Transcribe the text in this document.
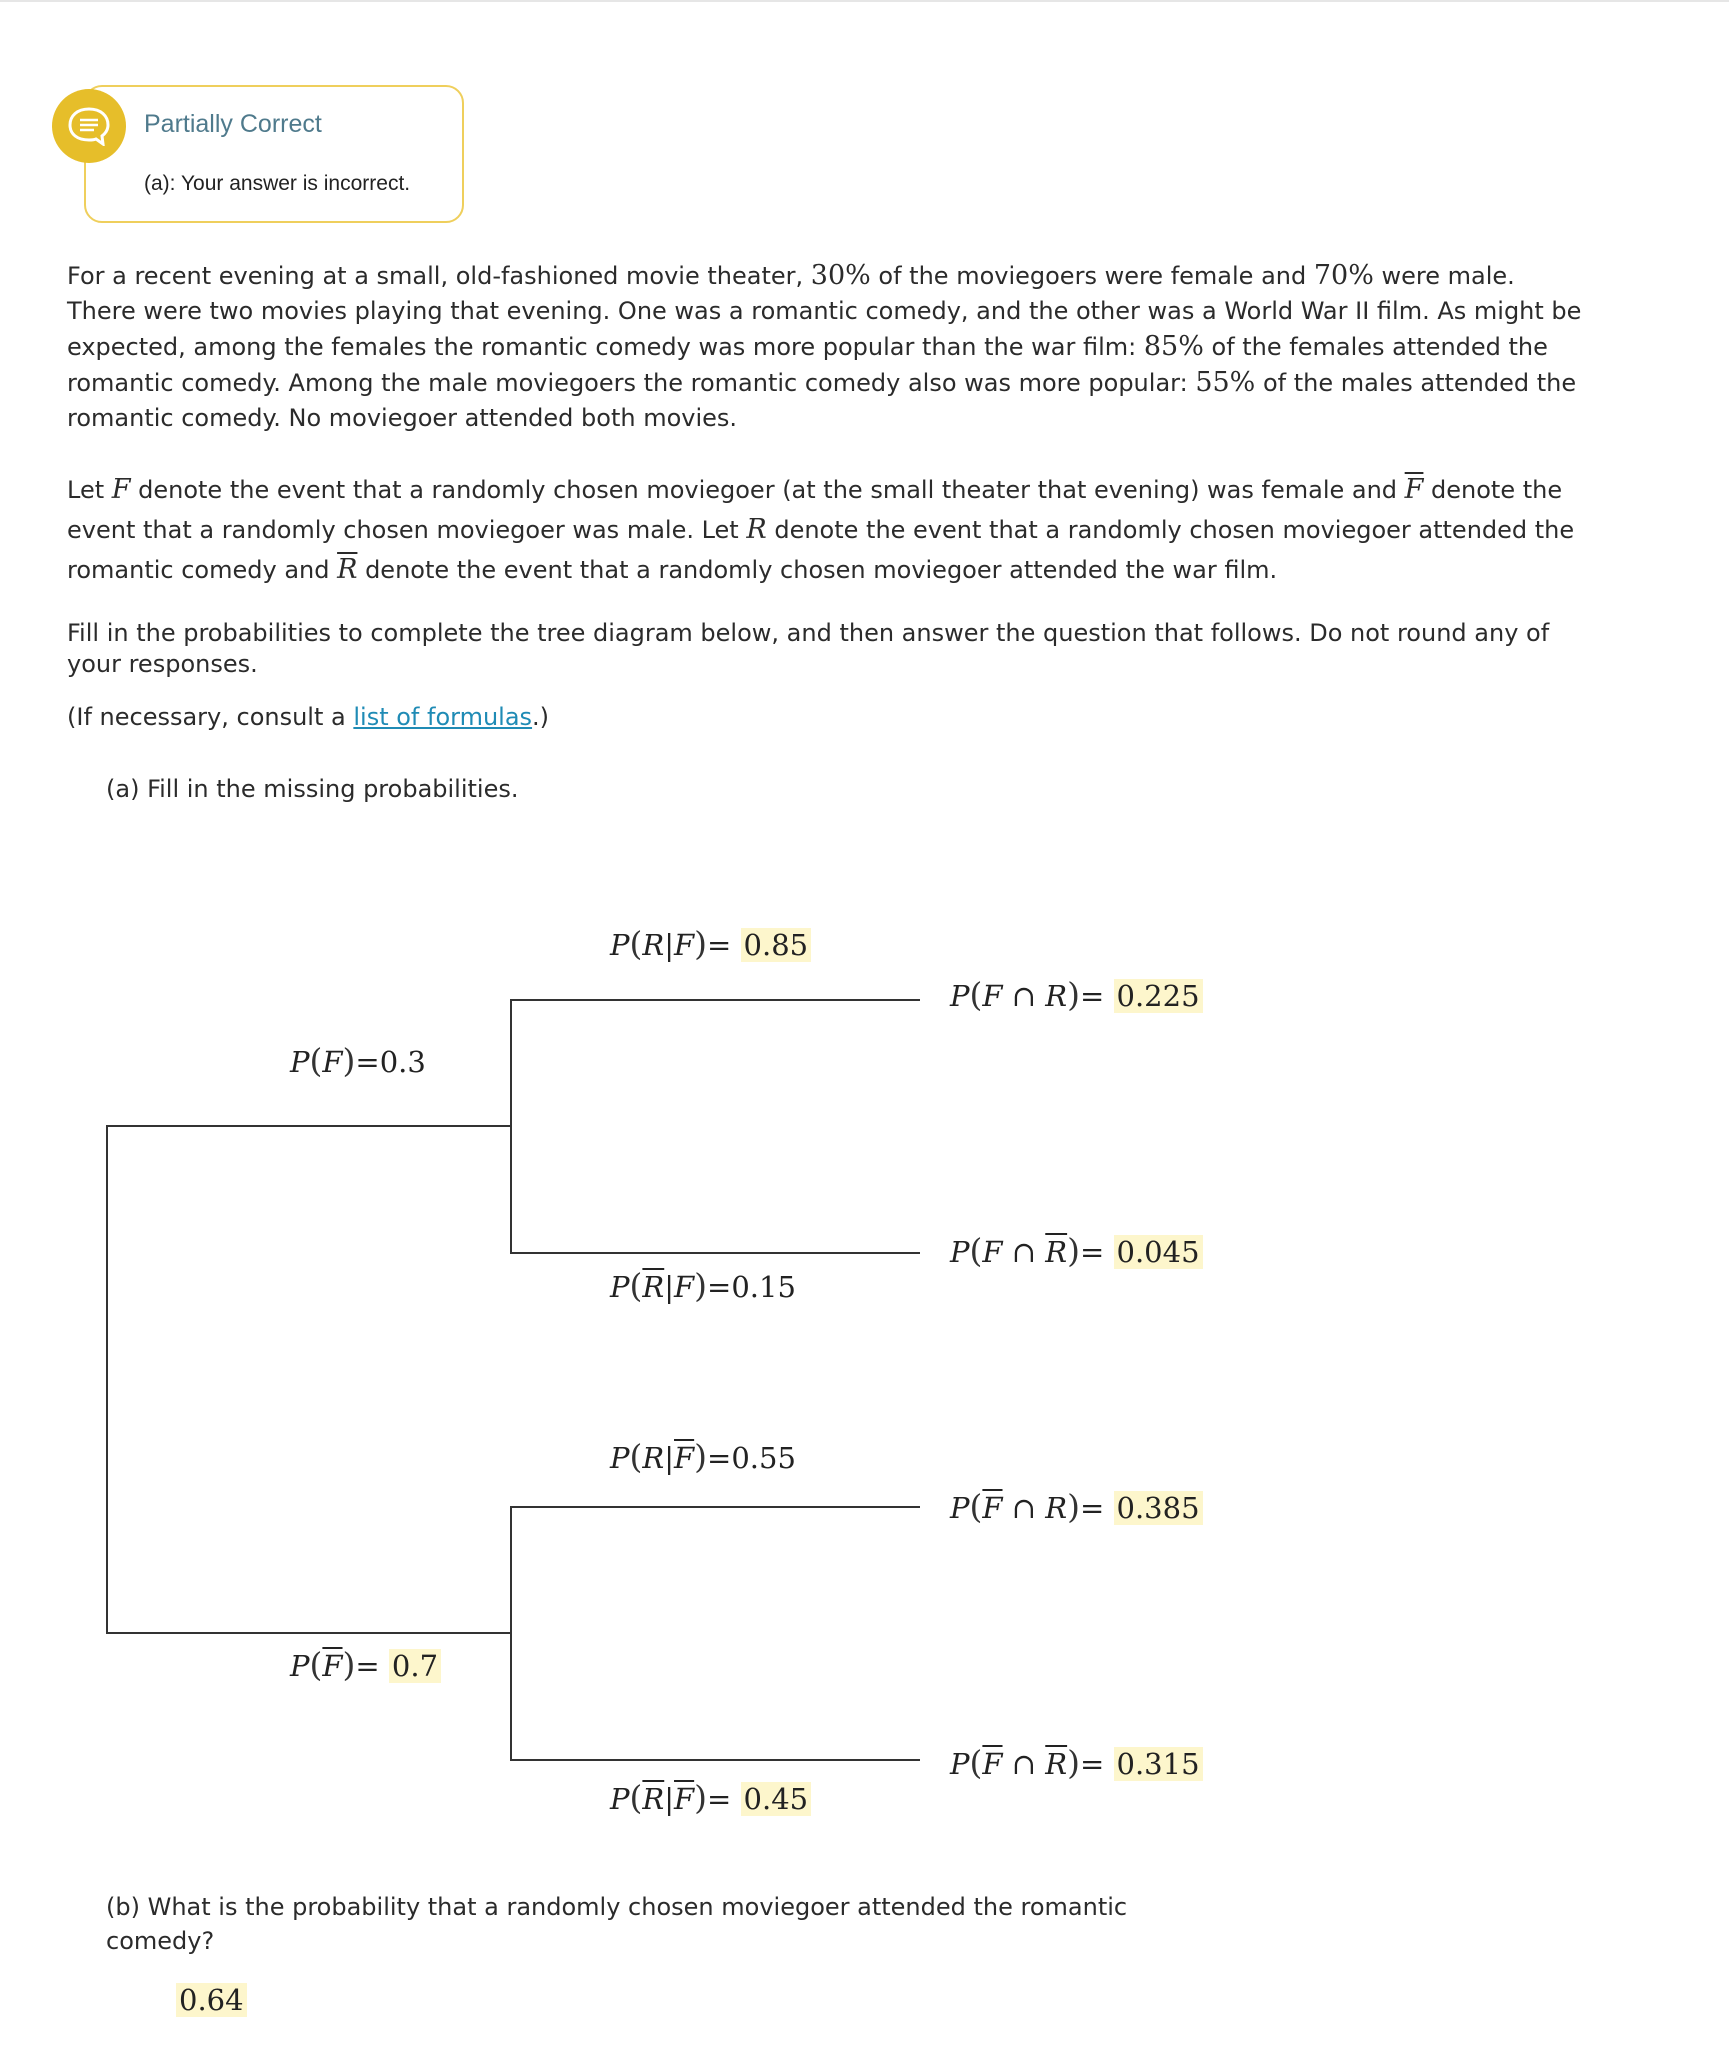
Partially Correct
(a): Your answer is incorrect.
For a recent evening at a small, old-fashioned movie theater, 30% of the moviegoers were female and 70% were male. There were two movies playing that evening. One was a romantic comedy, and the other was a World War II film. As might be expected, among the females the romantic comedy was more popular than the war film: 85% of the females attended the romantic comedy. Among the male moviegoers the romantic comedy also was more popular: 55% of the males attended the romantic comedy. No moviegoer attended both movies.
Let F denote the event that a randomly chosen moviegoer (at the small theater that evening) was female and $\overline{F}$ denote the event that a randomly chosen moviegoer was male. Let R denote the event that a randomly chosen moviegoer attended the romantic comedy and $\overline{R}$ denote the event that a randomly chosen moviegoer attended the war film.
Fill in the probabilities to complete the tree diagram below, and then answer the question that follows. Do not round any of your responses.
(If necessary, consult a list of formulas.)
(a) Fill in the missing probabilities.
P(F)=0.3
$P(\overline{F})= 0.7$
P(R|F)= 0.85
$P(\overline{R}|F)=0.15$
$P(R|\overline{F})=0.55$
$P(\overline{R}|\overline{F})= 0.45$
P(F ∩ R)= 0.225
P(F ∩ $\overline{R})= 0.045$
$P(\overline{F}$ ∩ R)= 0.385
$P(\overline{F}$ ∩ $\overline{R})= 0.315$
(b) What is the probability that a randomly chosen moviegoer attended the romantic comedy?
0.64
